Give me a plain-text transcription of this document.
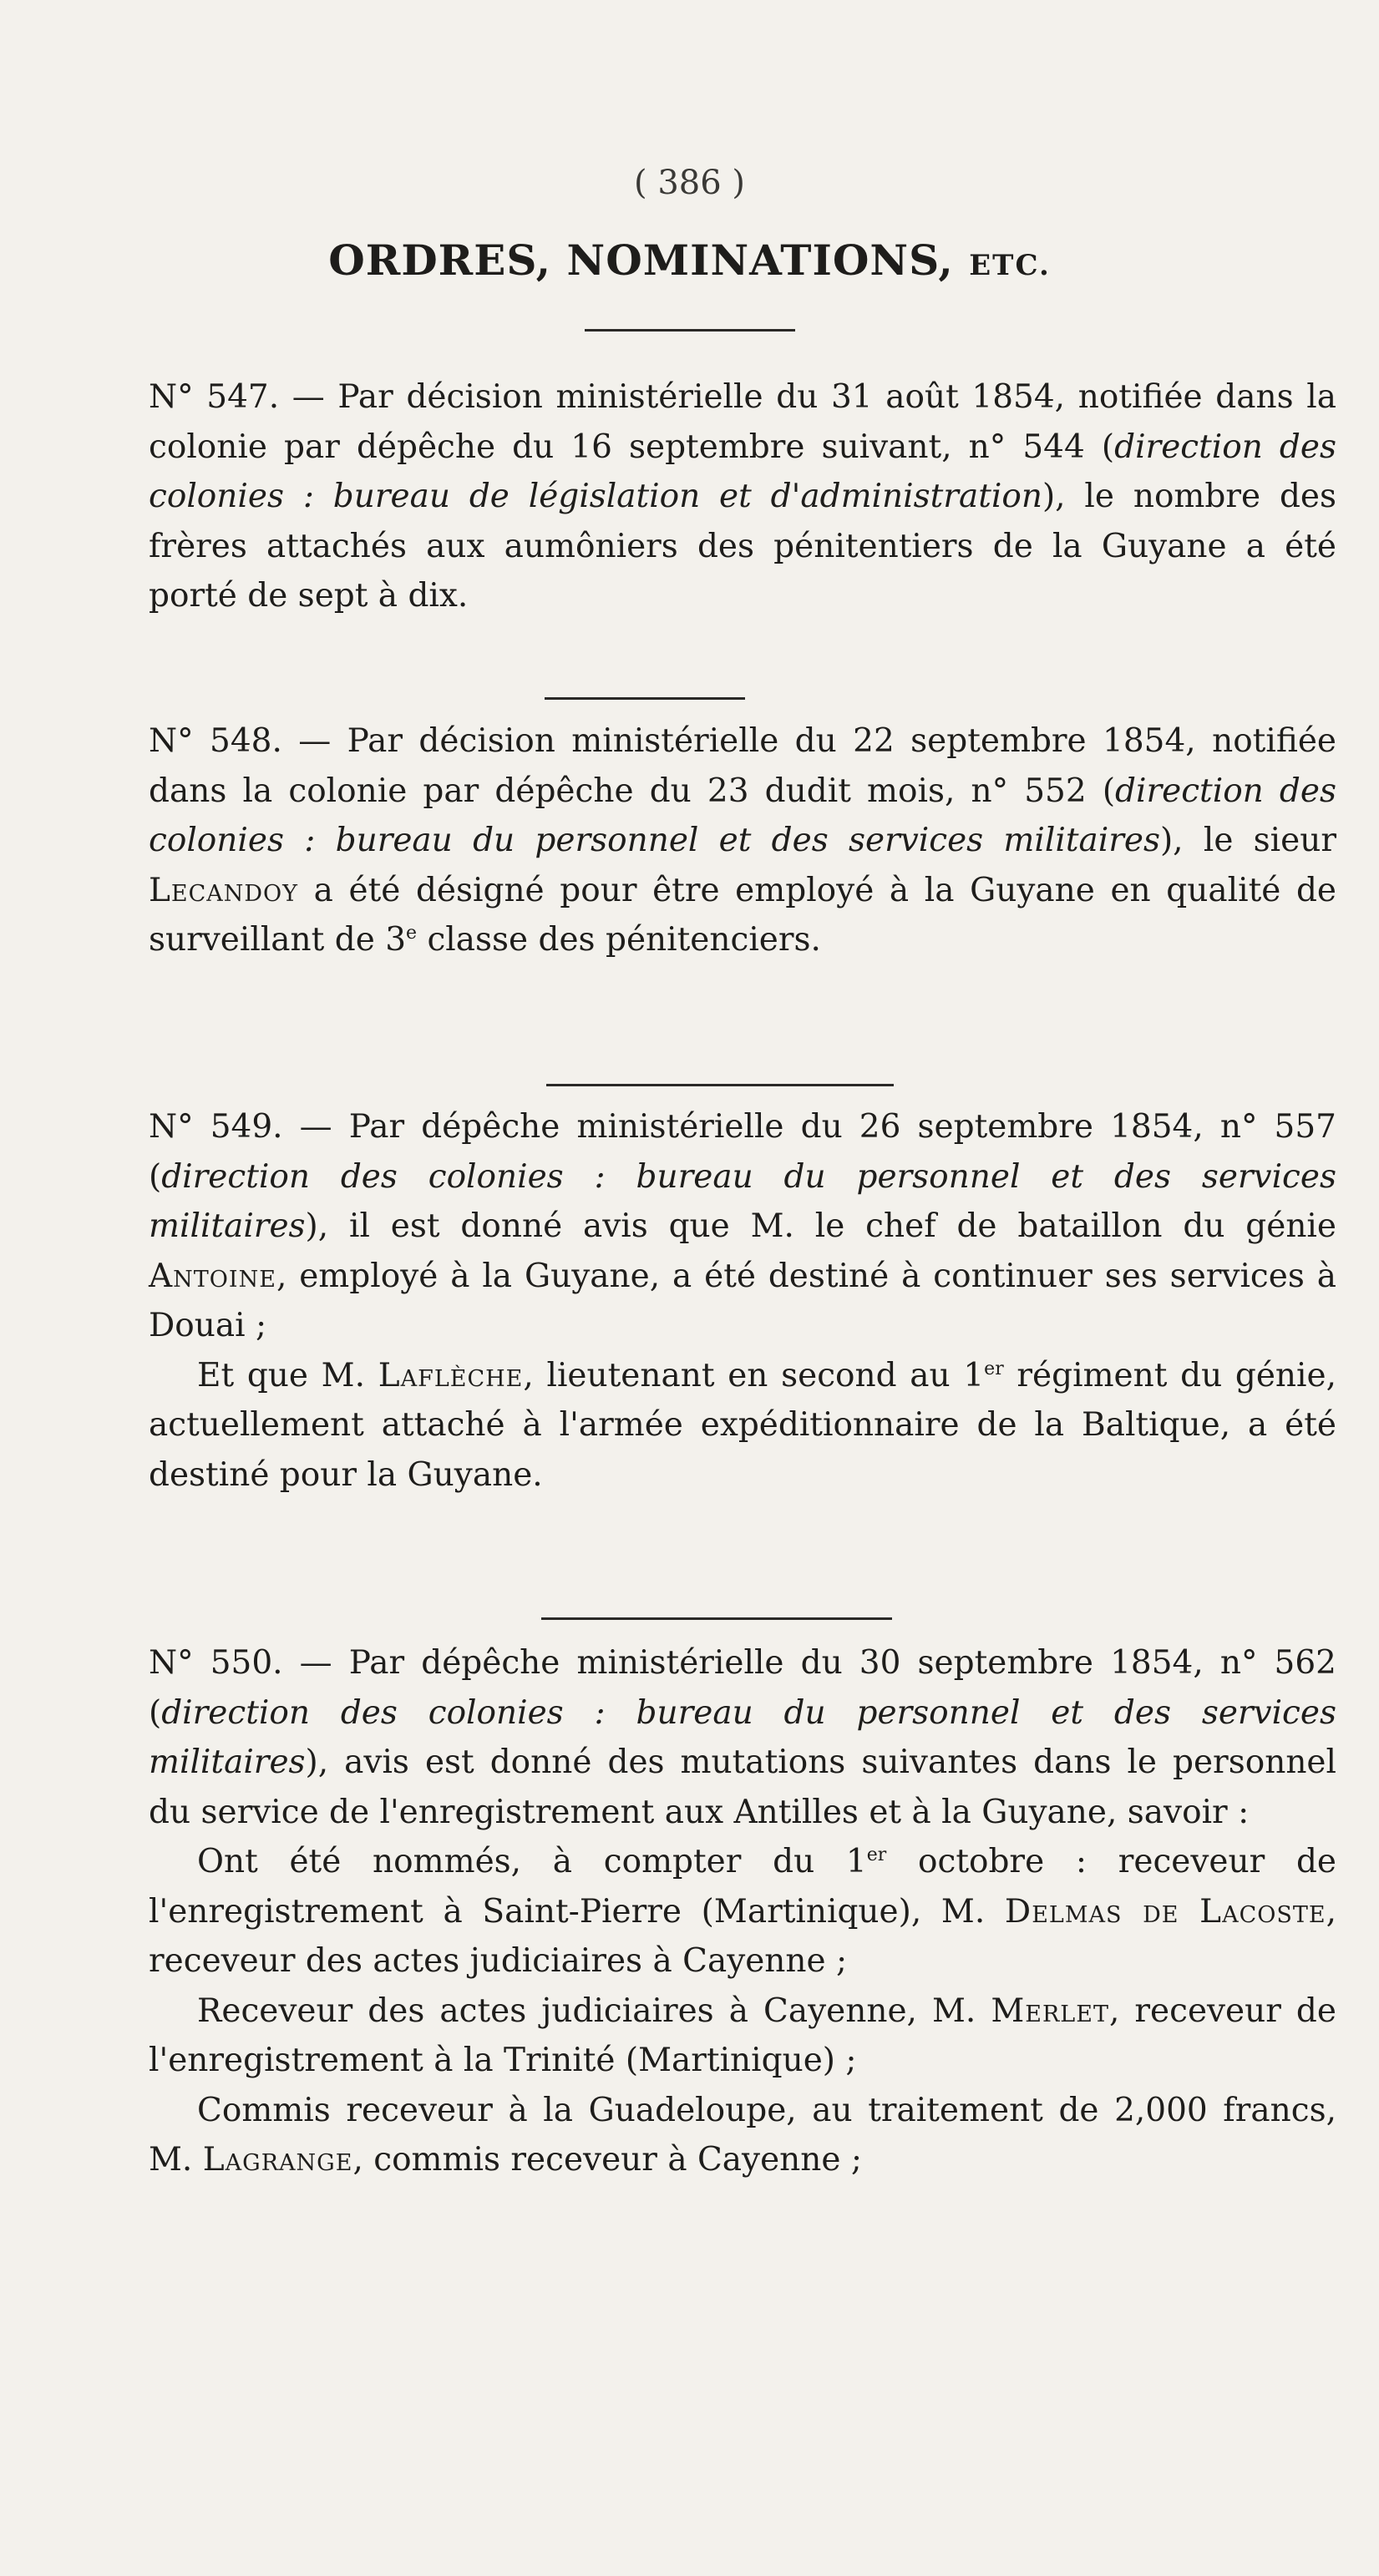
( 386 )
ORDRES, NOMINATIONS, ETC.

N° 547. — Par décision ministérielle du 31 août 1854, notifiée dans la colonie par dépêche du 16 septembre suivant, n° 544 (direction des colonies : bureau de législation et d'administration), le nombre des frères attachés aux aumôniers des pénitentiers de la Guyane a été porté de sept à dix.

N° 548. — Par décision ministérielle du 22 septembre 1854, notifiée dans la colonie par dépêche du 23 dudit mois, n° 552 (direction des colonies : bureau du personnel et des services militaires), le sieur Lecandoy a été désigné pour être employé à la Guyane en qualité de surveillant de 3e classe des pénitenciers.

N° 549. — Par dépêche ministérielle du 26 septembre 1854, n° 557 (direction des colonies : bureau du personnel et des services militaires), il est donné avis que M. le chef de bataillon du génie Antoine, employé à la Guyane, a été destiné à continuer ses services à Douai ;

Et que M. Laflèche, lieutenant en second au 1er régiment du génie, actuellement attaché à l'armée expéditionnaire de la Baltique, a été destiné pour la Guyane.

N° 550. — Par dépêche ministérielle du 30 septembre 1854, n° 562 (direction des colonies : bureau du personnel et des services militaires), avis est donné des mutations suivantes dans le personnel du service de l'enregistrement aux Antilles et à la Guyane, savoir :

Ont été nommés, à compter du 1er octobre : receveur de l'enregistrement à Saint-Pierre (Martinique), M. Delmas de Lacoste, receveur des actes judiciaires à Cayenne ;

Receveur des actes judiciaires à Cayenne, M. Merlet, receveur de l'enregistrement à la Trinité (Martinique) ;

Commis receveur à la Guadeloupe, au traitement de 2,000 francs, M. Lagrange, commis receveur à Cayenne ;
